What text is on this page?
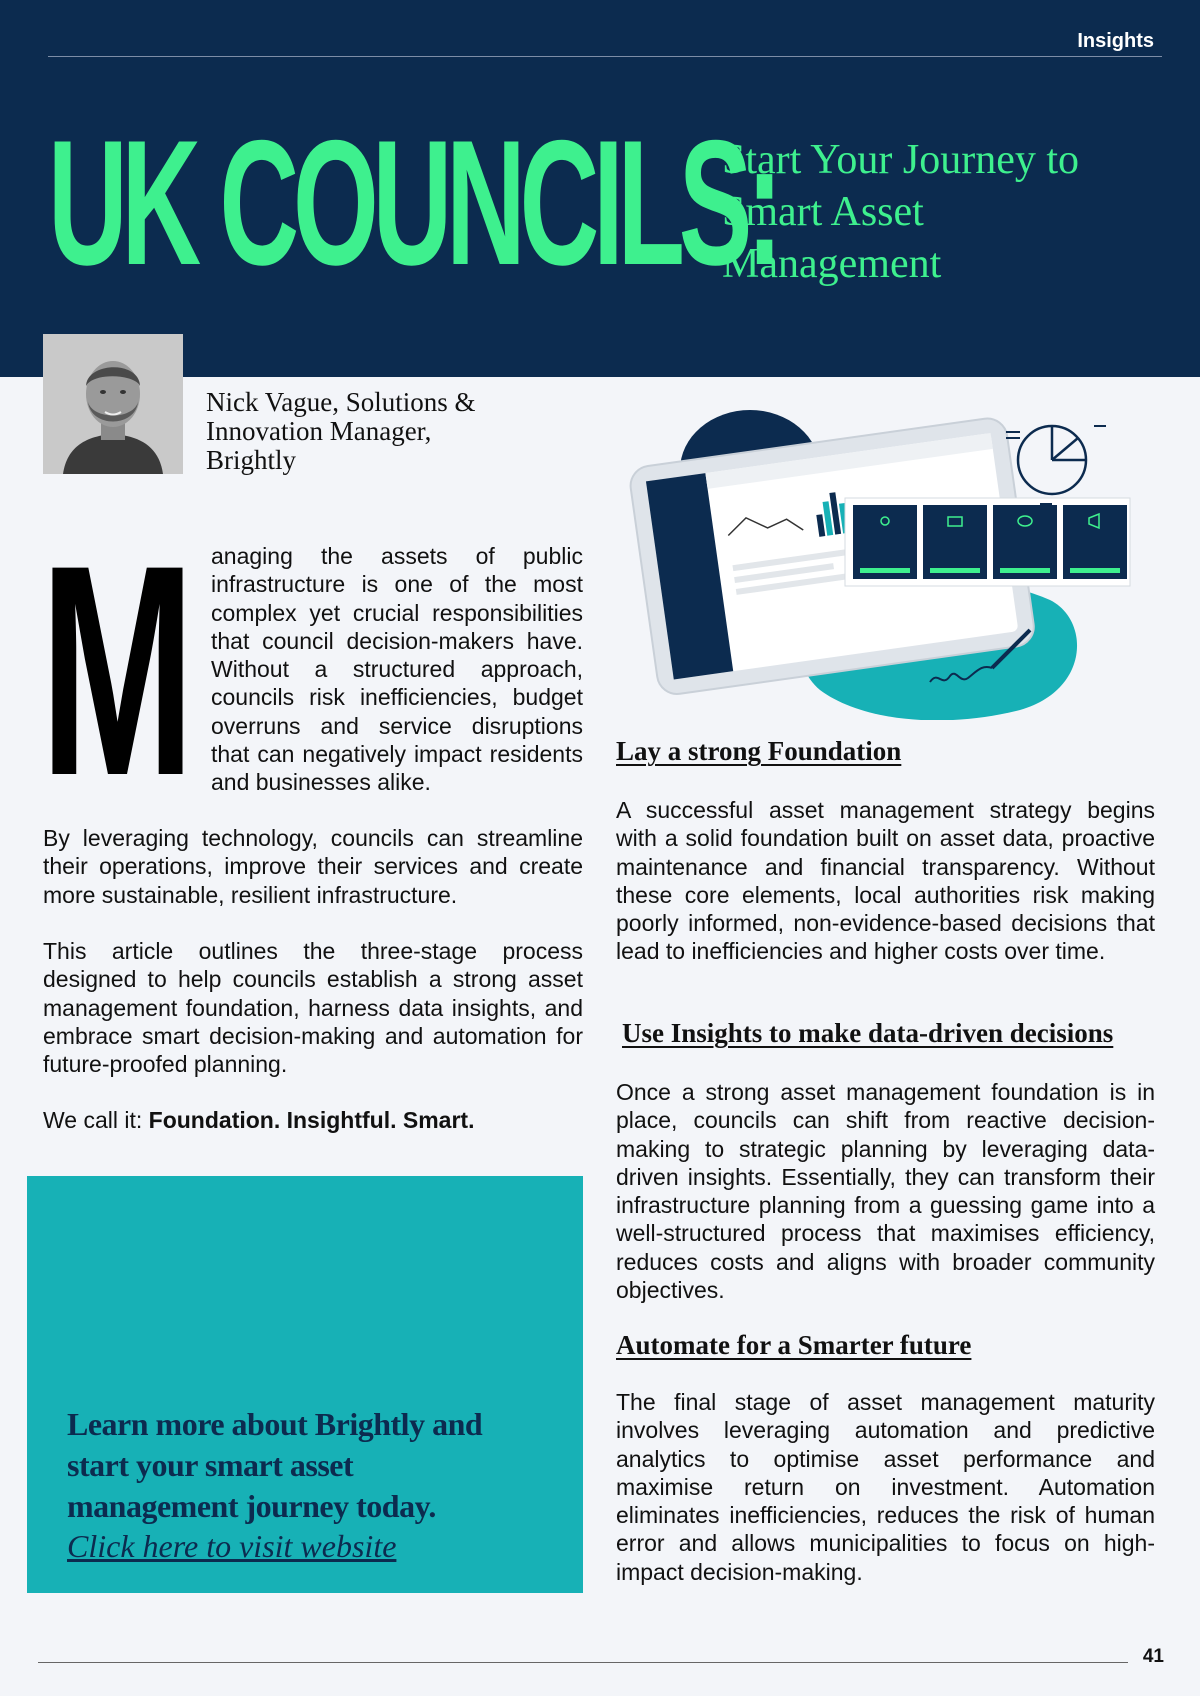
Insights
UK COUNCILS:
Start Your Journey to Smart Asset Management
Nick Vague, Solutions & Innovation Manager, Brightly
M anaging the assets of public infrastructure is one of the most complex yet crucial responsibilities that council decision-makers have. Without a structured approach, councils risk inefficiencies, budget overruns and service disruptions that can negatively impact residents and businesses alike.
By leveraging technology, councils can streamline their operations, improve their services and create more sustainable, resilient infrastructure.
This article outlines the three-stage process designed to help councils establish a strong asset management foundation, harness data insights, and embrace smart decision-making and automation for future-proofed planning.
We call it: Foundation. Insightful. Smart.
Learn more about Brightly and start your smart asset management journey today.
Click here to visit website
Lay a strong Foundation
A successful asset management strategy begins with a solid foundation built on asset data, proactive maintenance and financial transparency. Without these core elements, local authorities risk making poorly informed, non-evidence-based decisions that lead to inefficiencies and higher costs over time.
Use Insights to make data-driven decisions
Once a strong asset management foundation is in place, councils can shift from reactive decision-making to strategic planning by leveraging data-driven insights. Essentially, they can transform their infrastructure planning from a guessing game into a well-structured process that maximises efficiency, reduces costs and aligns with broader community objectives.
Automate for a Smarter future
The final stage of asset management maturity involves leveraging automation and predictive analytics to optimise asset performance and maximise return on investment. Automation eliminates inefficiencies, reduces the risk of human error and allows municipalities to focus on high-impact decision-making.
41
